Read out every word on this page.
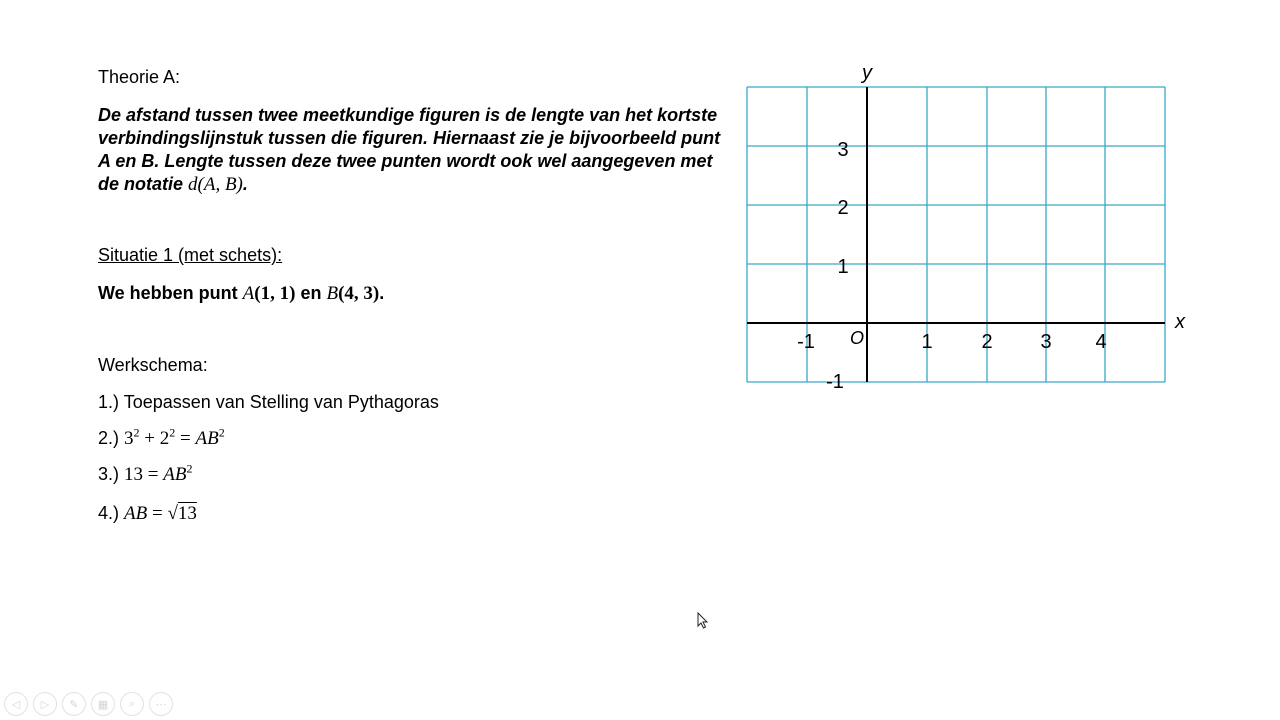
Theorie A:
De afstand tussen twee meetkundige figuren is de lengte van het kortste
verbindingslijnstuk tussen die figuren. Hiernaast zie je bijvoorbeeld punt
A en B. Lengte tussen deze twee punten wordt ook wel aangegeven met
de notatie d(A, B).
Situatie 1 (met schets):
We hebben punt A(1, 1) en B(4, 3).
Werkschema:
1.) Toepassen van Stelling van Pythagoras
2.) $3^2 + 2^2 = AB^2$
3.) $13 = AB^2$
4.) AB = √13
x
y
O
-1	1 2 3 4
3
2
1
-1
◁	▷	✎	▦	⌕	⋯
